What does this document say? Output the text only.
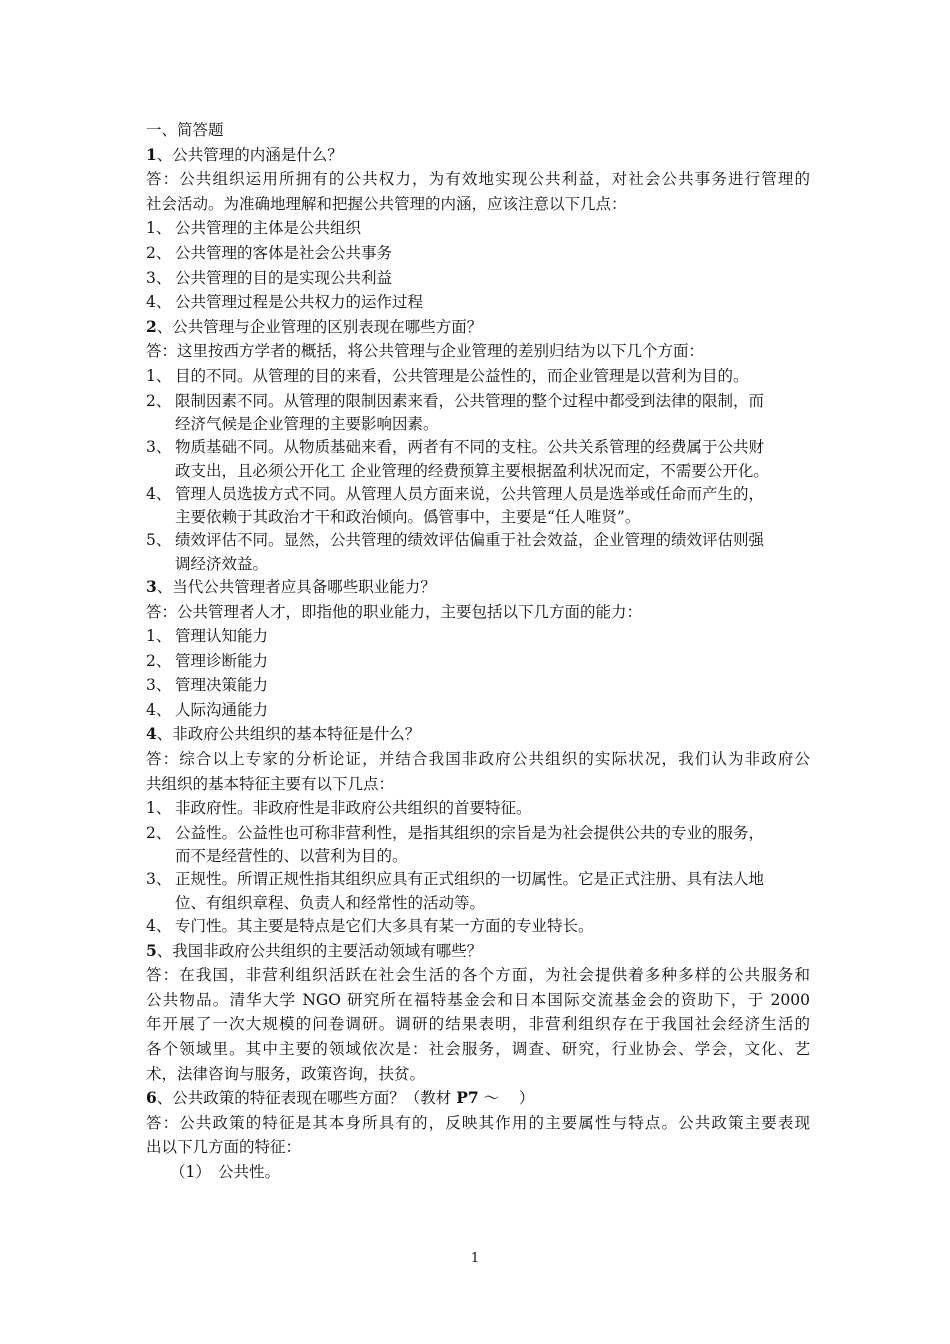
一、简答题
1、公共管理的内涵是什么？
答：公共组织运用所拥有的公共权力，为有效地实现公共利益，对社会公共事务进行管理的
社会活动。为准确地理解和把握公共管理的内涵，应该注意以下几点：
1、 公共管理的主体是公共组织
2、 公共管理的客体是社会公共事务
3、 公共管理的目的是实现公共利益
4、 公共管理过程是公共权力的运作过程
2、公共管理与企业管理的区别表现在哪些方面？
答：这里按西方学者的概括，将公共管理与企业管理的差别归结为以下几个方面：
1、 目的不同。从管理的目的来看，公共管理是公益性的，而企业管理是以营利为目的。
2、 限制因素不同。从管理的限制因素来看，公共管理的整个过程中都受到法律的限制，而
经济气候是企业管理的主要影响因素。
3、 物质基础不同。从物质基础来看，两者有不同的支柱。公共关系管理的经费属于公共财
政支出，且必须公开化工 企业管理的经费预算主要根据盈利状况而定，不需要公开化。
4、 管理人员选拔方式不同。从管理人员方面来说，公共管理人员是选举或任命而产生的，
主要依赖于其政治才干和政治倾向。僞管事中，主要是“任人唯贤”。
5、 绩效评估不同。显然，公共管理的绩效评估偏重于社会效益，企业管理的绩效评估则强
调经济效益。
3、当代公共管理者应具备哪些职业能力？
答：公共管理者人才，即指他的职业能力，主要包括以下几方面的能力：
1、 管理认知能力
2、 管理诊断能力
3、 管理决策能力
4、 人际沟通能力
4、非政府公共组织的基本特征是什么？
答：综合以上专家的分析论证，并结合我国非政府公共组织的实际状况，我们认为非政府公
共组织的基本特征主要有以下几点：
1、 非政府性。非政府性是非政府公共组织的首要特征。
2、 公益性。公益性也可称非营利性，是指其组织的宗旨是为社会提供公共的专业的服务，
而不是经营性的、以营利为目的。
3、 正规性。所谓正规性指其组织应具有正式组织的一切属性。它是正式注册、具有法人地
位、有组织章程、负责人和经常性的活动等。
4、 专门性。其主要是特点是它们大多具有某一方面的专业特长。
5、我国非政府公共组织的主要活动领域有哪些？
答：在我国，非营利组织活跃在社会生活的各个方面，为社会提供着多种多样的公共服务和
公共物品。清华大学 NGO 研究所在福特基金会和日本国际交流基金会的资助下，于 2000
年开展了一次大规模的问卷调研。调研的结果表明，非营利组织存在于我国社会经济生活的
各个领域里。其中主要的领域依次是：社会服务，调查、研究，行业协会、学会，文化、艺
术，法律咨询与服务，政策咨询，扶贫。
6、公共政策的特征表现在哪些方面？（教材 P7 ～    ）
答：公共政策的特征是其本身所具有的，反映其作用的主要属性与特点。公共政策主要表现
出以下几方面的特征：
（1） 公共性。
1
